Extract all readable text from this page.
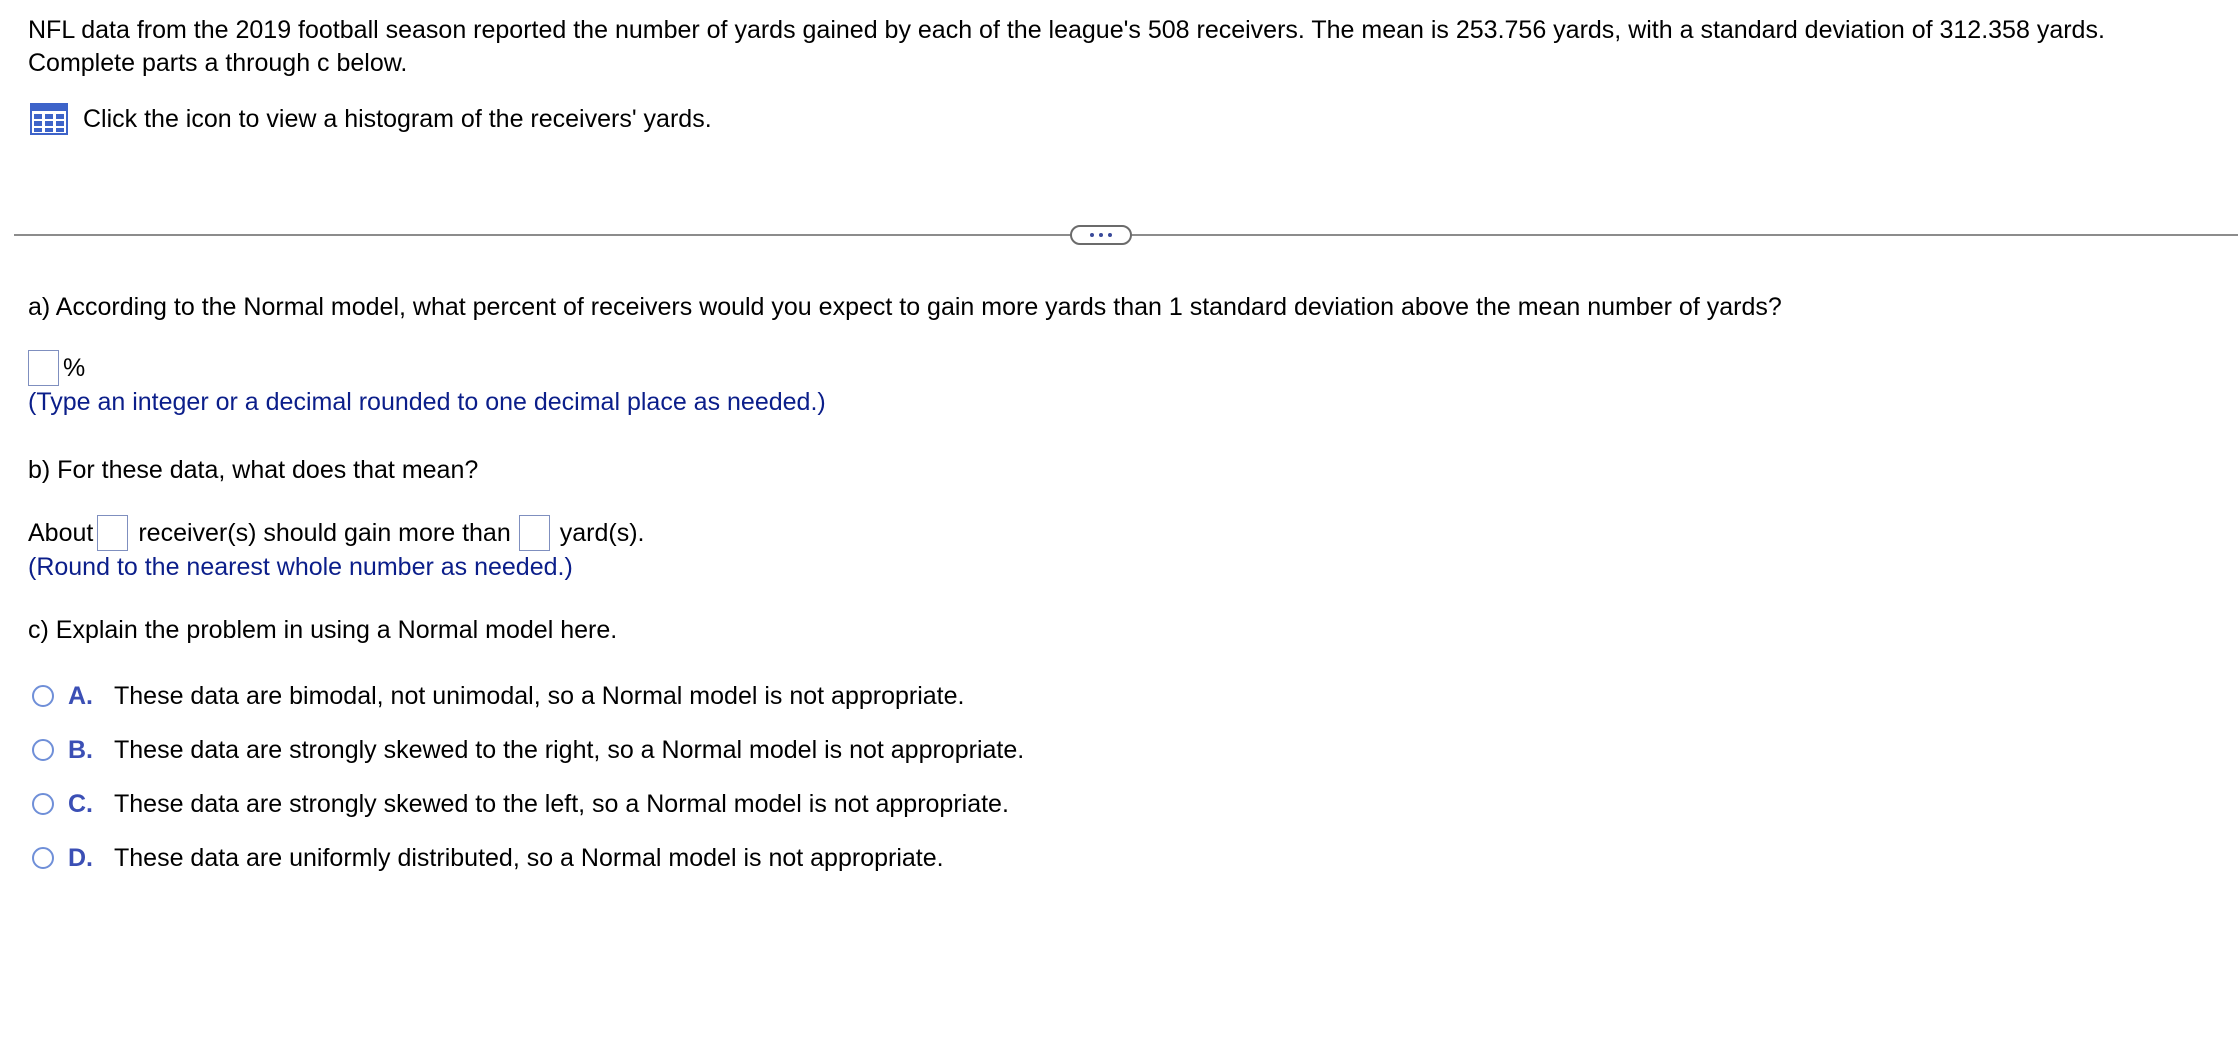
NFL data from the 2019 football season reported the number of yards gained by each of the league's 508 receivers. The mean is 253.756 yards, with a standard deviation of 312.358 yards.

Complete parts a through c below.

Click the icon to view a histogram of the receivers' yards.
a) According to the Normal model, what percent of receivers would you expect to gain more yards than 1 standard deviation above the mean number of yards?
%
(Type an integer or a decimal rounded to one decimal place as needed.)
b) For these data, what does that mean?
About receiver(s) should gain more than yard(s).
(Round to the nearest whole number as needed.)
c) Explain the problem in using a Normal model here.
A. These data are bimodal, not unimodal, so a Normal model is not appropriate.
B. These data are strongly skewed to the right, so a Normal model is not appropriate.
C. These data are strongly skewed to the left, so a Normal model is not appropriate.
D. These data are uniformly distributed, so a Normal model is not appropriate.
